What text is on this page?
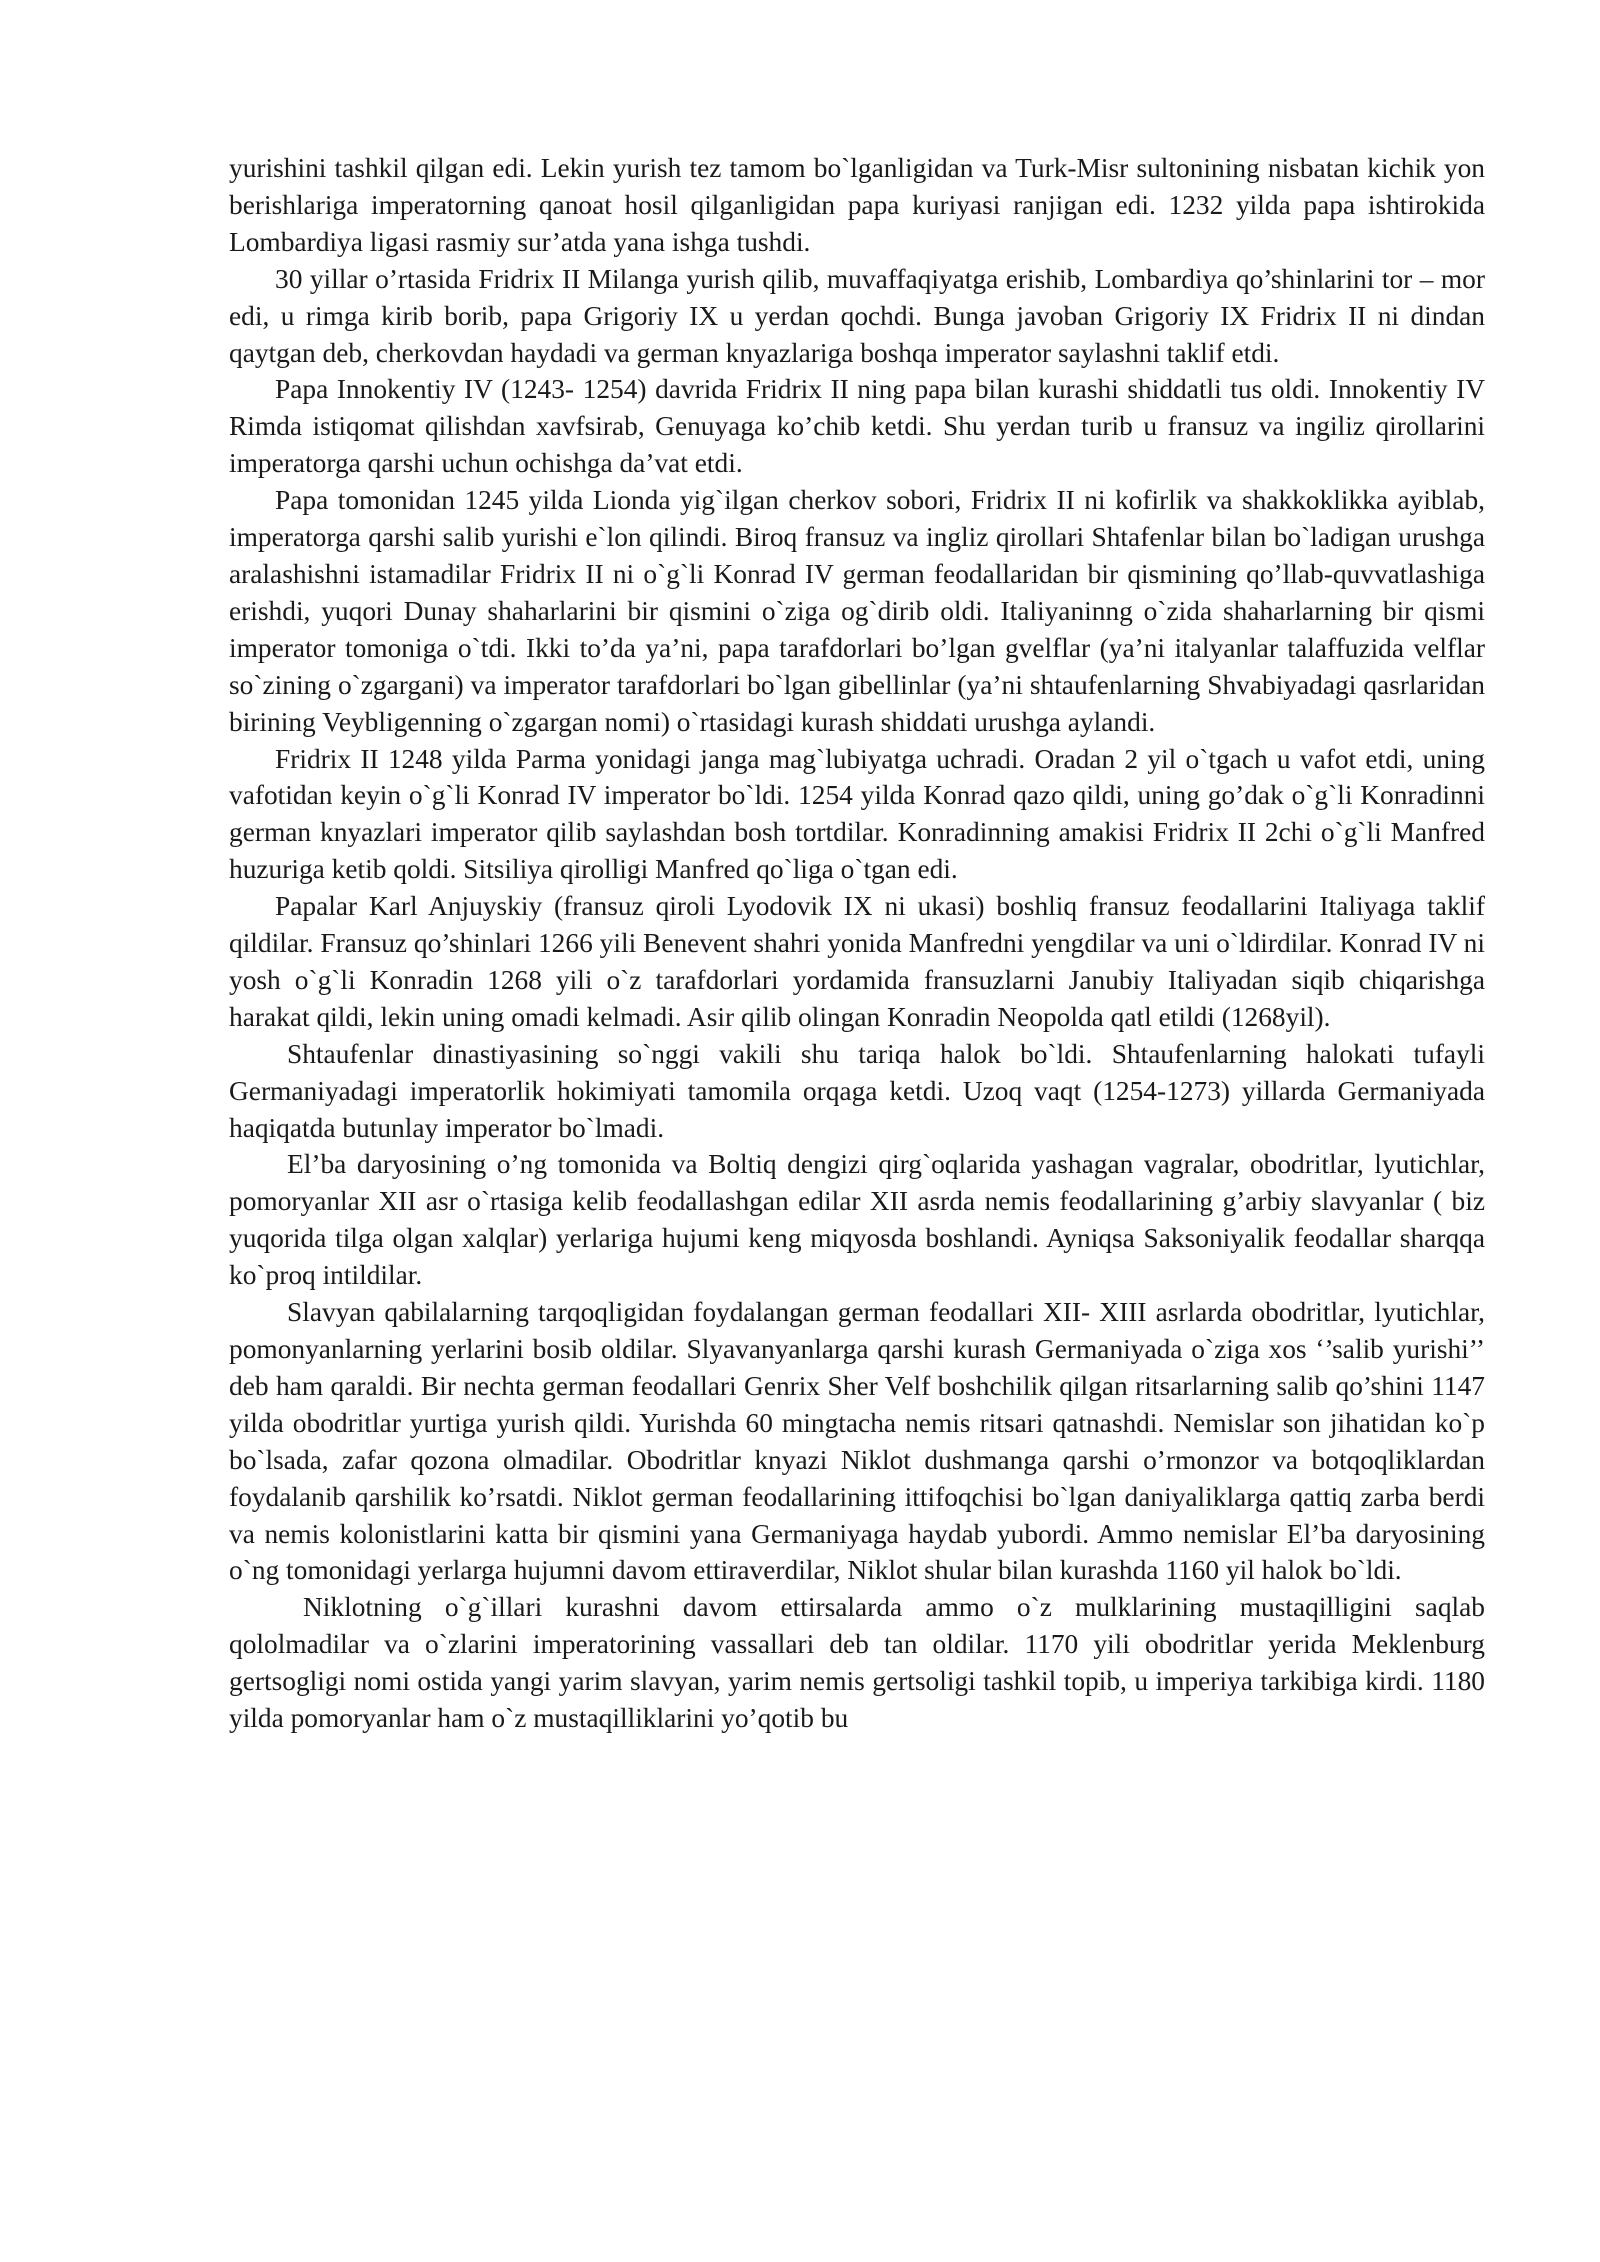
yurishini tashkil qilgan edi. Lekin yurish tez tamom bo`lganligidan va Turk-Misr sultonining nisbatan kichik yon berishlariga imperatorning qanoat hosil qilganligidan papa kuriyasi ranjigan edi. 1232 yilda papa ishtirokida Lombardiya ligasi rasmiy sur’atda yana ishga tushdi.

30 yillar o’rtasida Fridrix II Milanga yurish qilib, muvaffaqiyatga erishib, Lombardiya qo’shinlarini tor – mor edi, u rimga kirib borib, papa Grigoriy IX u yerdan qochdi. Bunga javoban Grigoriy IX Fridrix II ni dindan qaytgan deb, cherkovdan haydadi va german knyazlariga boshqa imperator saylashni taklif etdi.

Papa Innokentiy IV (1243- 1254) davrida Fridrix II ning papa bilan kurashi shiddatli tus oldi. Innokentiy IV Rimda istiqomat qilishdan xavfsirab, Genuyaga ko’chib ketdi. Shu yerdan turib u fransuz va ingiliz qirollarini imperatorga qarshi uchun ochishga da’vat etdi.

Papa tomonidan 1245 yilda Lionda yig`ilgan cherkov sobori, Fridrix II ni kofirlik va shakkoklikka ayiblab, imperatorga qarshi salib yurishi e`lon qilindi. Biroq fransuz va ingliz qirollari Shtafenlar bilan bo`ladigan urushga aralashishni istamadilar Fridrix II ni o`g`li Konrad IV german feodallaridan bir qismining qo’llab-quvvatlashiga erishdi, yuqori Dunay shaharlarini bir qismini o`ziga og`dirib oldi. Italiyaninng o`zida shaharlarning bir qismi imperator tomoniga o`tdi. Ikki to’da ya’ni, papa tarafdorlari bo’lgan gvelflar (ya’ni italyanlar talaffuzida velflar so`zining o`zgargani) va imperator tarafdorlari bo`lgan gibellinlar (ya’ni shtaufenlarning Shvabiyadagi qasrlaridan birining Veybligenning o`zgargan nomi) o`rtasidagi kurash shiddati urushga aylandi.

Fridrix II 1248 yilda Parma yonidagi janga mag`lubiyatga uchradi. Oradan 2 yil o`tgach u vafot etdi, uning vafotidan keyin o`g`li Konrad IV imperator bo`ldi. 1254 yilda Konrad qazo qildi, uning go’dak o`g`li Konradinni german knyazlari imperator qilib saylashdan bosh tortdilar. Konradinning amakisi Fridrix II 2chi o`g`li Manfred huzuriga ketib qoldi. Sitsiliya qirolligi Manfred qo`liga o`tgan edi.

Papalar Karl Anjuyskiy (fransuz qiroli Lyodovik IX ni ukasi) boshliq fransuz feodallarini Italiyaga taklif qildilar. Fransuz qo’shinlari 1266 yili Benevent shahri yonida Manfredni yengdilar va uni o`ldirdilar. Konrad IV ni yosh o`g`li Konradin 1268 yili o`z tarafdorlari yordamida fransuzlarni Janubiy Italiyadan siqib chiqarishga harakat qildi, lekin uning omadi kelmadi. Asir qilib olingan Konradin Neopolda qatl etildi (1268yil).

Shtaufenlar dinastiyasining so`nggi vakili shu tariqa halok bo`ldi. Shtaufenlarning halokati tufayli Germaniyadagi imperatorlik hokimiyati tamomila orqaga ketdi. Uzoq vaqt (1254-1273) yillarda Germaniyada haqiqatda butunlay imperator bo`lmadi.

El’ba daryosining o’ng tomonida va Boltiq dengizi qirg`oqlarida yashagan vagralar, obodritlar, lyutichlar, pomoryanlar XII asr o`rtasiga kelib feodallashgan edilar XII asrda nemis feodallarining g’arbiy slavyanlar ( biz yuqorida tilga olgan xalqlar) yerlariga hujumi keng miqyosda boshlandi. Ayniqsa Saksoniyalik feodallar sharqqa ko`proq intildilar.

Slavyan qabilalarning tarqoqligidan foydalangan german feodallari XII- XIII asrlarda obodritlar, lyutichlar, pomonyanlarning yerlarini bosib oldilar. Slyavanyanlarga qarshi kurash Germaniyada o`ziga xos ‘’salib yurishi’’ deb ham qaraldi. Bir nechta german feodallari Genrix Sher Velf boshchilik qilgan ritsarlarning salib qo’shini 1147 yilda obodritlar yurtiga yurish qildi. Yurishda 60 mingtacha nemis ritsari qatnashdi. Nemislar son jihatidan ko`p bo`lsada, zafar qozona olmadilar. Obodritlar knyazi Niklot dushmanga qarshi o’rmonzor va botqoqliklardan foydalanib qarshilik ko’rsatdi. Niklot german feodallarining ittifoqchisi bo`lgan daniyaliklarga qattiq zarba berdi va nemis kolonistlarini katta bir qismini yana Germaniyaga haydab yubordi. Ammo nemislar El’ba daryosining o`ng tomonidagi yerlarga hujumni davom ettiraverdilar, Niklot shular bilan kurashda 1160 yil halok bo`ldi.

Niklotning o`g`illari kurashni davom ettirsalarda ammo o`z mulklarining mustaqilligini saqlab qololmadilar va o`zlarini imperatorining vassallari deb tan oldilar. 1170 yili obodritlar yerida Meklenburg gertsogligi nomi ostida yangi yarim slavyan, yarim nemis gertsoligi tashkil topib, u imperiya tarkibiga kirdi. 1180 yilda pomoryanlar ham o`z mustaqilliklarini yo’qotib bu
